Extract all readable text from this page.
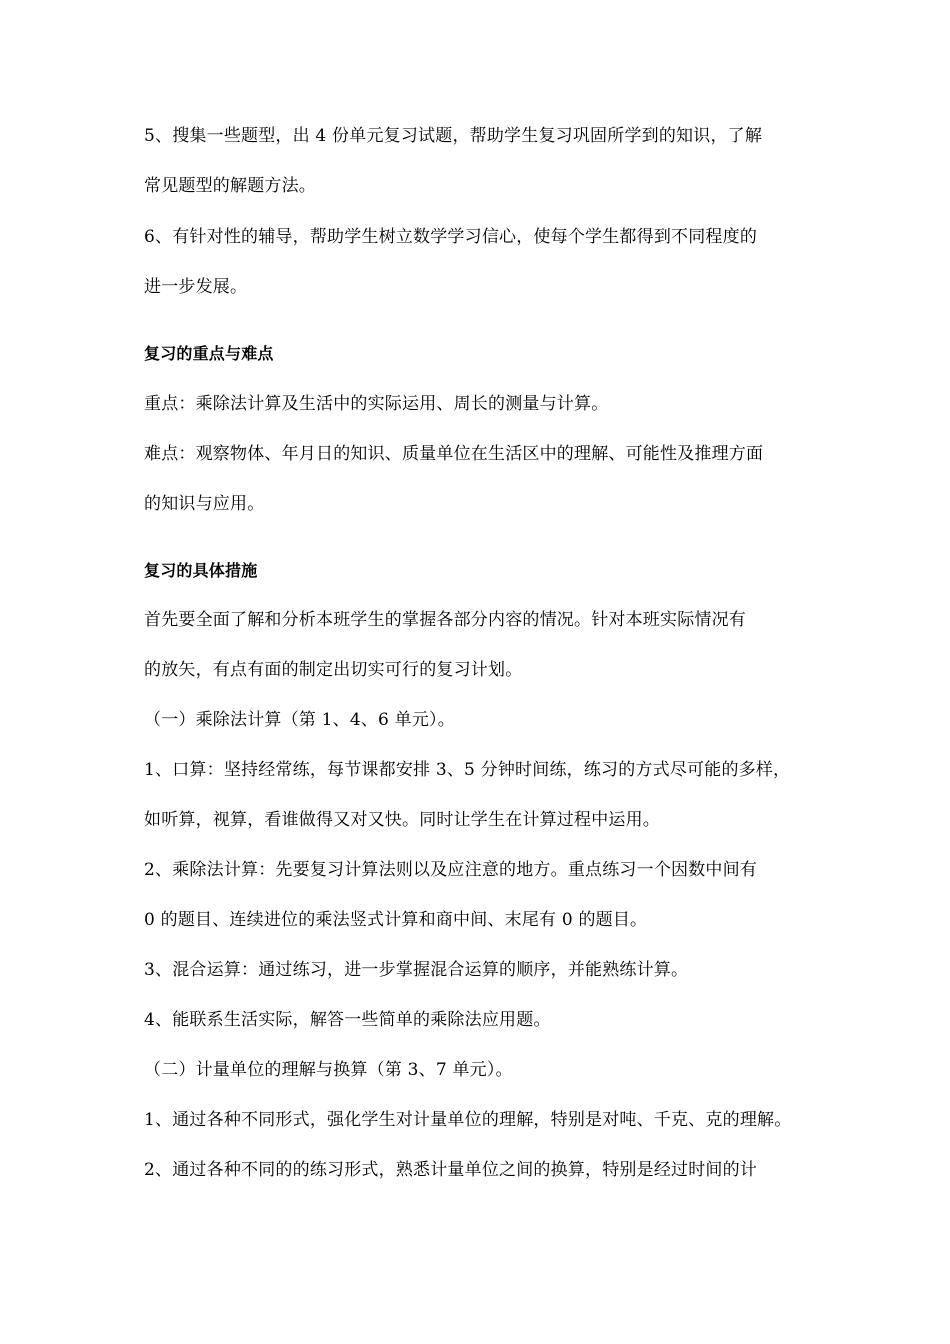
5、搜集一些题型，出 4 份单元复习试题，帮助学生复习巩固所学到的知识，了解
常见题型的解题方法。
6、有针对性的辅导，帮助学生树立数学学习信心，使每个学生都得到不同程度的
进一步发展。
复习的重点与难点
重点：乘除法计算及生活中的实际运用、周长的测量与计算。
难点：观察物体、年月日的知识、质量单位在生活区中的理解、可能性及推理方面
的知识与应用。
复习的具体措施
首先要全面了解和分析本班学生的掌握各部分内容的情况。针对本班实际情况有
的放矢，有点有面的制定出切实可行的复习计划。
（一）乘除法计算（第 1、4、6 单元）。
1、口算：坚持经常练，每节课都安排 3、5 分钟时间练，练习的方式尽可能的多样，
如听算，视算，看谁做得又对又快。同时让学生在计算过程中运用。
2、乘除法计算：先要复习计算法则以及应注意的地方。重点练习一个因数中间有
0 的题目、连续进位的乘法竖式计算和商中间、末尾有 0 的题目。
3、混合运算：通过练习，进一步掌握混合运算的顺序，并能熟练计算。
4、能联系生活实际，解答一些简单的乘除法应用题。
（二）计量单位的理解与换算（第 3、7 单元）。
1、通过各种不同形式，强化学生对计量单位的理解，特别是对吨、千克、克的理解。
2、通过各种不同的的练习形式，熟悉计量单位之间的换算，特别是经过时间的计
